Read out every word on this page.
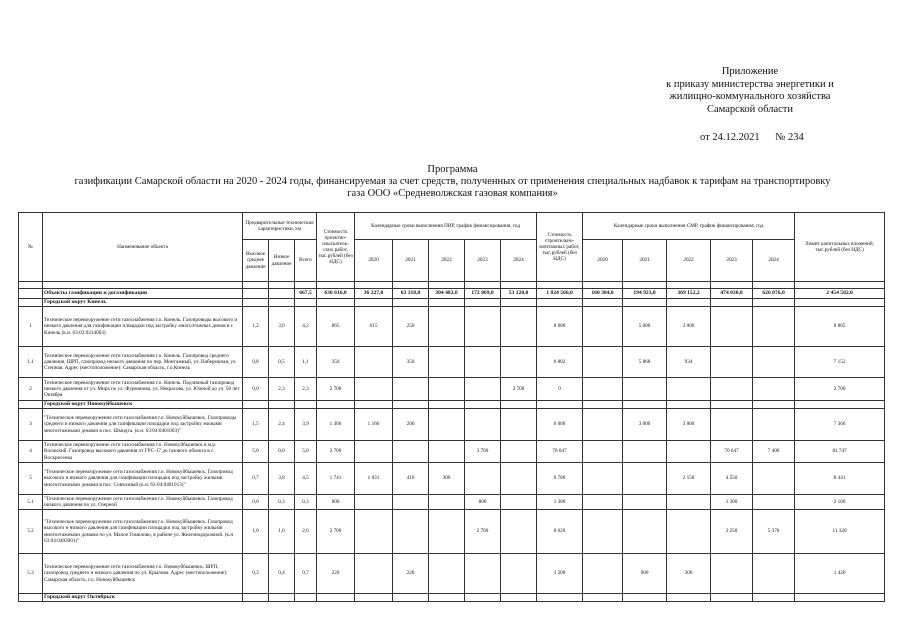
Приложение
к приказу министерства энергетики и
жилищно-коммунального хозяйства
Самарской области
от 24.12.2021      № 234
Программа
газификации Самарской области на 2020 - 2024 годы, финансируемая за счет средств, полученных от применения специальных надбавок к тарифам на транспортировку
газа ООО «Средневолжская газовая компания»
№	Наименование объекта	Предварительные технические характеристики, км			Стоимость проектно-изыскатель-ских работ, тыс.рублей (без НДС)	Календарные сроки выполнения ПИР, график финансирования, год					Стоимость строительно-монтажных работ, тыс.рублей (без НДС)	Календарные сроки выполнения СМР, график финансирования, год					Лимит капитальных вложений, тыс.рублей (без НДС)
		Высокое среднее давление	Низкое давление	Всего		2020	2021	2022	2023	2024		2020	2021	2022	2023	2024	

	Объекты газификации и догазификации			667,5	630 616,0	36 227,0	63 318,0	304 482,0	172 869,0	53 120,0	1 824 566,0	160 384,0	194 923,0	369 152,2	474 030,8	626 076,0	2 454 582,0
	Городской округ Кинель																
1	Техническое перевооружение сети газоснабжения г.о. Кинель. Газопроводы высокого и низкого давления для газификации площадки под застройку многоэтажных домов в г. Кинель (к.н. 63:03:0214003)	1,2	3,0	4,2	865	615	250				8 000		5 000	3 000			8 865
1.1	Техническое перевооружение сети газоснабжения г.о. Кинель. Газопровод среднего давления, ШРП, газопровод низкого давления по пер. Монтажный, ул. Набережная, ул. Степная. Адрес (местоположение): Самарская область, г.о.Кинель	0,8	0,5	1,1	350		350				6 802		5 868	934			7 152
2	Техническое перевооружение сети газоснабжения г.о. Кинель. Подземный газопровод низкого давления от ул. Мира по ул. Фурманова, ул. Некрасова, ул. Южной до ул. 50 лет Октября	0,0	2,3	2,3	2 700					2 700	0						2 700
	Городской округ Новокуйбышевск																
3	"Техническое перевооружение сети газоснабжения г.о. Новокуйбышевск. Газопроводы среднего и низкого давления для газификации площадки под застройку жилыми многоэтажными домами в пос. Шмидта. (к.н. 63:04:0401003)"	1,5	2,4	3,9	1 366	1 166	200				6 000		3 000	3 000			7 366
4	Техническое перевооружение сети газоснабжения г.о. Новокуйбышевск в м.р. Волжский. Газопровод высокого давления от ГРС-17 до газового объекта в с. Воскресенка	5,0	0,0	5,0	3 700				3 700		78 047				70 647	7 400	81 747
5	"Техническое перевооружение сети газоснабжения г.о. Новокуйбышевск. Газопровод высокого и низкого давления для газификации площадки под застройку жилыми многоэтажными домами в пос. Совхозный (к.н. 63:04:0401013)"	0,7	3,8	4,5	1 741	1 031	410	300			6 700			2 150	4 550		8 441
5.1	"Техническое перевооружение сети газоснабжения г.о. Новокуйбышевск. Газопровод низкого давления по ул. Озерной	0,0	0,3	0,3	800				800		1 300				1 300		2 100
5.2	"Техническое перевооружение сети газоснабжения г.о. Новокуйбышевск. Газопровод высокого и низкого давления для газификации площадки под застройку жилыми многоэтажными домами по ул. Малое Гомилово, в районе ул. Железнодорожной. (к.н 63:04:0403001)"	1,0	1,0	2,0	2 700				2 700		8 620				3 250	5 370	11 320
5.3	Техническое перевооружение сети газоснабжения г.о. Новокуйбышевск. ШРП, газопровод среднего и низкого давления по ул. Крылова. Адрес (местоположение): Самарская область, г.о. Новокуйбышевск	0,3	0,4	0,7	220		220				1 200		900	300			1 420
	Городской округ Октябрьск																
